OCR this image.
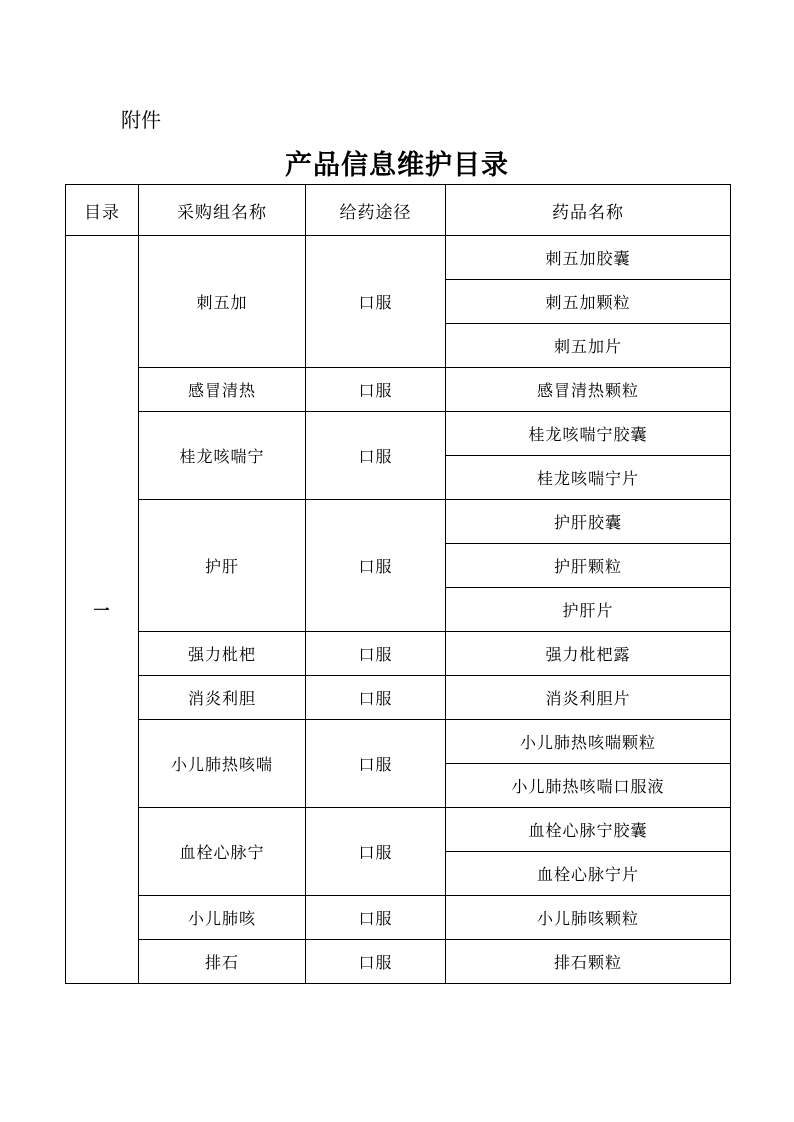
附件
产品信息维护目录
目录	采购组名称	给药途径	药品名称
一	刺五加	口服	刺五加胶囊
			刺五加颗粒
			刺五加片
	感冒清热	口服	感冒清热颗粒
	桂龙咳喘宁	口服	桂龙咳喘宁胶囊
			桂龙咳喘宁片
	护肝	口服	护肝胶囊
			护肝颗粒
			护肝片
	强力枇杷	口服	强力枇杷露
	消炎利胆	口服	消炎利胆片
	小儿肺热咳喘	口服	小儿肺热咳喘颗粒
			小儿肺热咳喘口服液
	血栓心脉宁	口服	血栓心脉宁胶囊
			血栓心脉宁片
	小儿肺咳	口服	小儿肺咳颗粒
	排石	口服	排石颗粒
